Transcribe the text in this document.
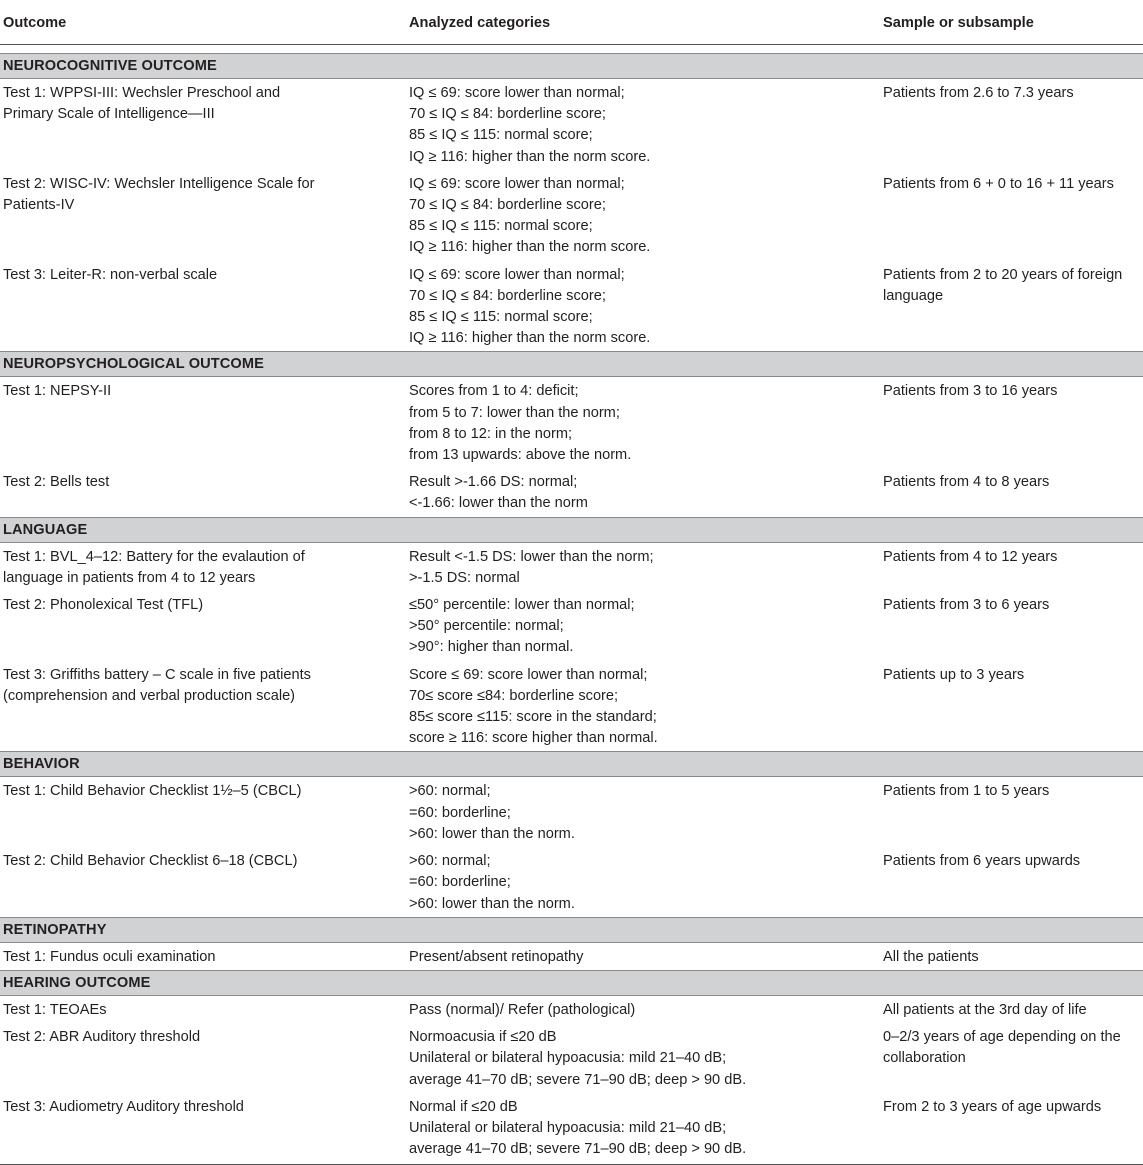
Outcome	Analyzed categories	Sample or subsample

NEUROCOGNITIVE OUTCOME		

Test 1: WPPSI-III: Wechsler Preschool and
Primary Scale of Intelligence—III	IQ ≤ 69: score lower than normal;
70 ≤ IQ ≤ 84: borderline score;
85 ≤ IQ ≤ 115: normal score;
IQ ≥ 116: higher than the norm score.	Patients from 2.6 to 7.3 years

Test 2: WISC-IV: Wechsler Intelligence Scale for
Patients-IV	IQ ≤ 69: score lower than normal;
70 ≤ IQ ≤ 84: borderline score;
85 ≤ IQ ≤ 115: normal score;
IQ ≥ 116: higher than the norm score.	Patients from 6 + 0 to 16 + 11 years

Test 3: Leiter-R: non-verbal scale	IQ ≤ 69: score lower than normal;
70 ≤ IQ ≤ 84: borderline score;
85 ≤ IQ ≤ 115: normal score;
IQ ≥ 116: higher than the norm score.	Patients from 2 to 20 years of foreign
language

NEUROPSYCHOLOGICAL OUTCOME		

Test 1: NEPSY-II	Scores from 1 to 4: deficit;
from 5 to 7: lower than the norm;
from 8 to 12: in the norm;
from 13 upwards: above the norm.	Patients from 3 to 16 years

Test 2: Bells test	Result >-1.66 DS: normal;
<-1.66: lower than the norm	Patients from 4 to 8 years

LANGUAGE		

Test 1: BVL_4–12: Battery for the evalaution of
language in patients from 4 to 12 years	Result <-1.5 DS: lower than the norm;
>-1.5 DS: normal	Patients from 4 to 12 years

Test 2: Phonolexical Test (TFL)	≤50° percentile: lower than normal;
>50° percentile: normal;
>90°: higher than normal.	Patients from 3 to 6 years

Test 3: Griffiths battery – C scale in five patients
(comprehension and verbal production scale)	Score ≤ 69: score lower than normal;
70≤ score ≤84: borderline score;
85≤ score ≤115: score in the standard;
score ≥ 116: score higher than normal.	Patients up to 3 years

BEHAVIOR		

Test 1: Child Behavior Checklist 1½–5 (CBCL)	>60: normal;
=60: borderline;
>60: lower than the norm.	Patients from 1 to 5 years

Test 2: Child Behavior Checklist 6–18 (CBCL)	>60: normal;
=60: borderline;
>60: lower than the norm.	Patients from 6 years upwards

RETINOPATHY		

Test 1: Fundus oculi examination	Present/absent retinopathy	All the patients

HEARING OUTCOME		

Test 1: TEOAEs	Pass (normal)/ Refer (pathological)	All patients at the 3rd day of life

Test 2: ABR Auditory threshold	Normoacusia if ≤20 dB
Unilateral or bilateral hypoacusia: mild 21–40 dB;
average 41–70 dB; severe 71–90 dB; deep > 90 dB.	0–2/3 years of age depending on the
collaboration

Test 3: Audiometry Auditory threshold	Normal if ≤20 dB
Unilateral or bilateral hypoacusia: mild 21–40 dB;
average 41–70 dB; severe 71–90 dB; deep > 90 dB.	From 2 to 3 years of age upwards
